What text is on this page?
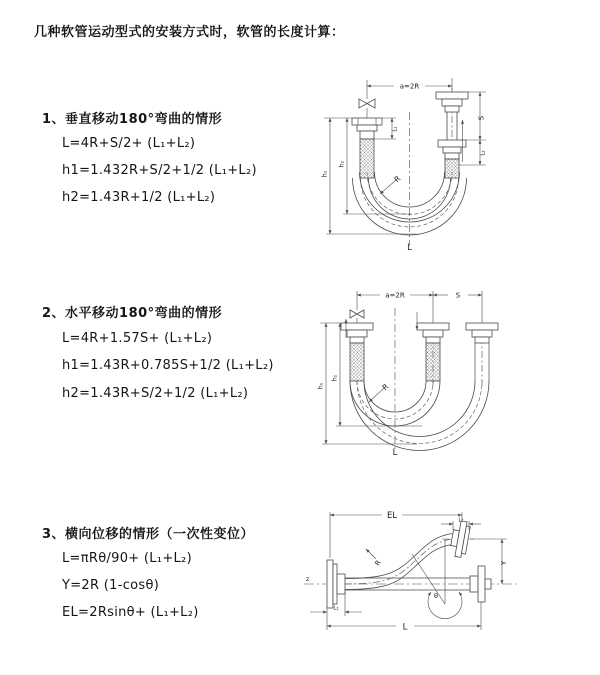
几种软管运动型式的安装方式时，软管的长度计算：
1、垂直移动180°弯曲的情形
L=4R+S/2+ (L₁+L₂)
h1=1.432R+S/2+1/2 (L₁+L₂)
h2=1.43R+1/2 (L₁+L₂)
2、水平移动180°弯曲的情形
L=4R+1.57S+ (L₁+L₂)
h1=1.43R+0.785S+1/2 (L₁+L₂)
h2=1.43R+S/2+1/2 (L₁+L₂)
3、横向位移的情形（一次性变位）
L=πRθ/90+ (L₁+L₂)
Y=2R (1-cosθ)
EL=2Rsinθ+ (L₁+L₂)
a=2R
S
L₂
L₁
h₁
h₂
R
L
a=2R	S
h₁
h₂
R
L
z
EL	L₂
Y
θ
R
L
L₁
